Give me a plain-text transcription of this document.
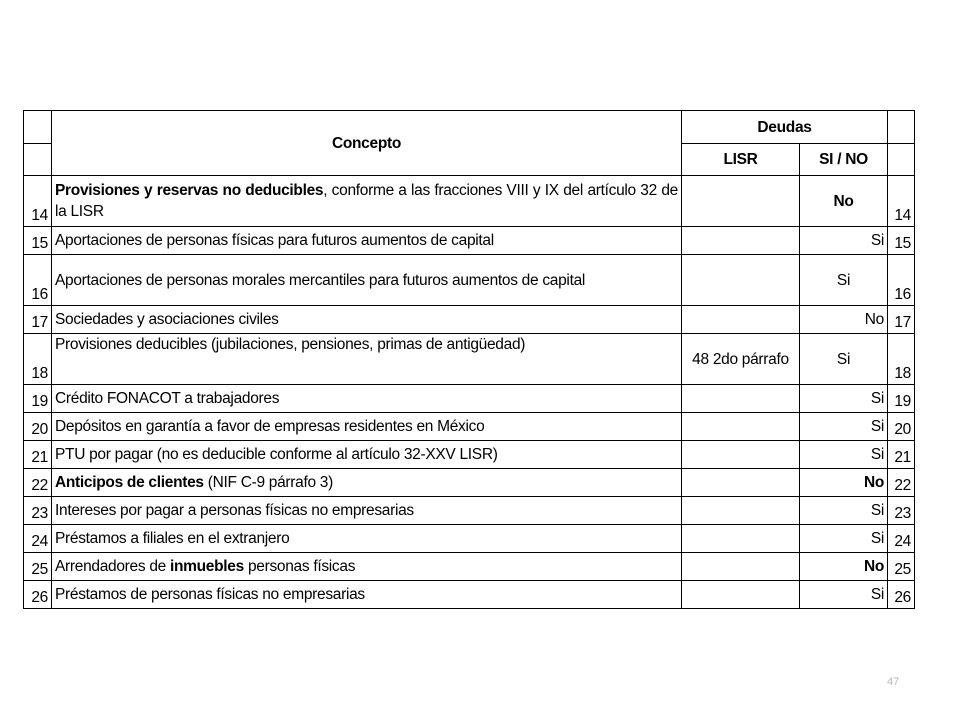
	Concepto	Deudas		
		LISR	SI / NO	
14	Provisiones y reservas no deducibles, conforme a las fracciones VIII y IX del artículo 32 de la LISR		No	14
15	Aportaciones de personas físicas para futuros aumentos de capital		Si	15
16	Aportaciones de personas morales mercantiles para futuros aumentos de capital		Si	16
17	Sociedades y asociaciones civiles		No	17
18	Provisiones deducibles (jubilaciones, pensiones, primas de antigüedad)	48 2do párrafo	Si	18
19	Crédito FONACOT a trabajadores		Si	19
20	Depósitos en garantía a favor de empresas residentes en México		Si	20
21	PTU por pagar (no es deducible conforme al artículo 32-XXV LISR)		Si	21
22	Anticipos de clientes (NIF C-9 párrafo 3)		No	22
23	Intereses por pagar a personas físicas no empresarias		Si	23
24	Préstamos a filiales en el extranjero		Si	24
25	Arrendadores de inmuebles personas físicas		No	25
26	Préstamos de personas físicas no empresarias		Si	26
47
